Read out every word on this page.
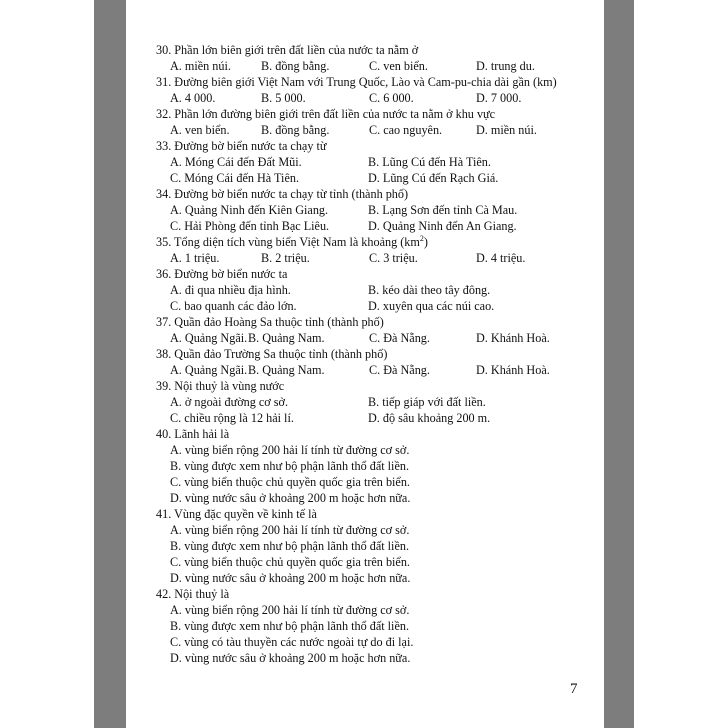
30. Phần lớn biên giới trên đất liền của nước ta nằm ở
A. miền núi. B. đồng bằng.	C. ven biển.	D. trung du.
31. Đường biên giới Việt Nam với Trung Quốc, Lào và Cam-pu-chia dài gần (km)
A. 4 000.	B. 5 000.	C. 6 000.	D. 7 000.
32. Phần lớn đường biên giới trên đất liền của nước ta nằm ở khu vực
A. ven biển.	B. đồng bằng.	C. cao nguyên.	D. miền núi.
33. Đường bờ biển nước ta chạy từ
A. Móng Cái đến Đất Mũi.	B. Lũng Cú đến Hà Tiên.
C. Móng Cái đến Hà Tiên.	D. Lũng Cú đến Rạch Giá.
34. Đường bờ biển nước ta chạy từ tỉnh (thành phố)
A. Quảng Ninh đến Kiên Giang.	B. Lạng Sơn đến tỉnh Cà Mau.
C. Hải Phòng đến tỉnh Bạc Liêu.	D. Quảng Ninh đến An Giang.
35. Tổng diện tích vùng biển Việt Nam là khoảng $(km^2)$
A. 1 triệu.	B. 2 triệu.	C. 3 triệu.	D. 4 triệu.
36. Đường bờ biển nước ta
A. đi qua nhiều địa hình.	B. kéo dài theo tây đông.
C. bao quanh các đảo lớn.	D. xuyên qua các núi cao.
37. Quần đảo Hoàng Sa thuộc tỉnh (thành phố)
A. Quảng Ngãi. B. Quảng Nam.	C. Đà Nẵng.	D. Khánh Hoà.
38. Quần đảo Trường Sa thuộc tỉnh (thành phố)
A. Quảng Ngãi. B. Quảng Nam.	C. Đà Nẵng.	D. Khánh Hoà.
39. Nội thuỷ là vùng nước
A. ở ngoài đường cơ sở.	B. tiếp giáp với đất liền.
C. chiều rộng là 12 hải lí.	D. độ sâu khoảng 200 m.
40. Lãnh hải là
A. vùng biển rộng 200 hải lí tính từ đường cơ sở.
B. vùng được xem như bộ phận lãnh thổ đất liền.
C. vùng biển thuộc chủ quyền quốc gia trên biển.
D. vùng nước sâu ở khoảng 200 m hoặc hơn nữa.
41. Vùng đặc quyền về kinh tế là
A. vùng biển rộng 200 hải lí tính từ đường cơ sở.
B. vùng được xem như bộ phận lãnh thổ đất liền.
C. vùng biển thuộc chủ quyền quốc gia trên biển.
D. vùng nước sâu ở khoảng 200 m hoặc hơn nữa.
42. Nội thuỷ là
A. vùng biển rộng 200 hải lí tính từ đường cơ sở.
B. vùng được xem như bộ phận lãnh thổ đất liền.
C. vùng có tàu thuyền các nước ngoài tự do đi lại.
D. vùng nước sâu ở khoảng 200 m hoặc hơn nữa.
7
